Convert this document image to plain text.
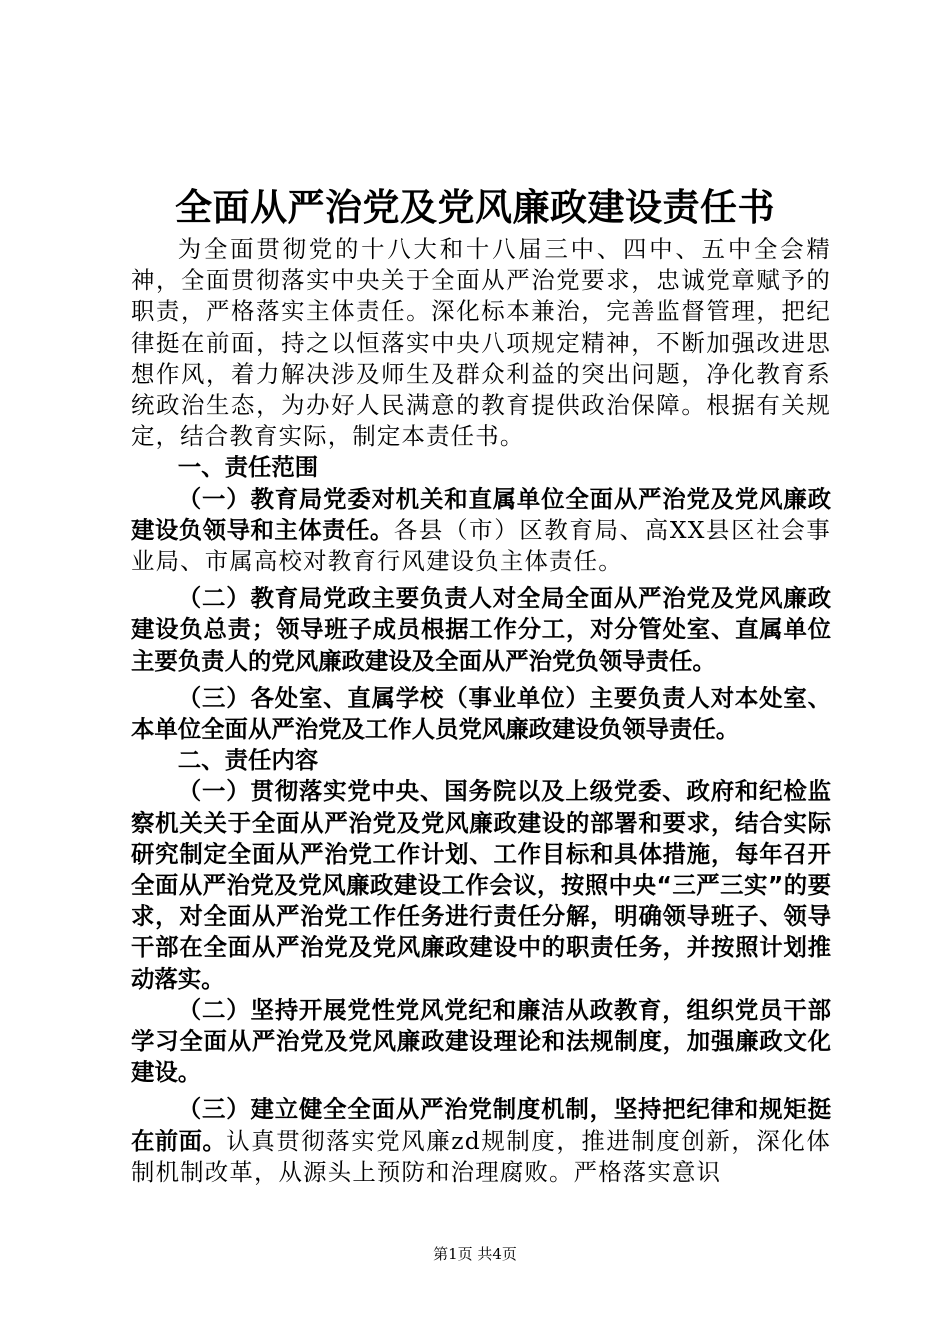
全面从严治党及党风廉政建设责任书

为全面贯彻党的十八大和十八届三中、四中、五中全会精神，全面贯彻落实中央关于全面从严治党要求，忠诚党章赋予的职责，严格落实主体责任。深化标本兼治，完善监督管理，把纪律挺在前面，持之以恒落实中央八项规定精神，不断加强改进思想作风，着力解决涉及师生及群众利益的突出问题，净化教育系统政治生态，为办好人民满意的教育提供政治保障。根据有关规定，结合教育实际，制定本责任书。

一、责任范围

（一）教育局党委对机关和直属单位全面从严治党及党风廉政建设负领导和主体责任。各县（市）区教育局、高XX县区社会事业局、市属高校对教育行风建设负主体责任。

（二）教育局党政主要负责人对全局全面从严治党及党风廉政建设负总责；领导班子成员根据工作分工，对分管处室、直属单位主要负责人的党风廉政建设及全面从严治党负领导责任。

（三）各处室、直属学校（事业单位）主要负责人对本处室、本单位全面从严治党及工作人员党风廉政建设负领导责任。

二、责任内容

（一）贯彻落实党中央、国务院以及上级党委、政府和纪检监察机关关于全面从严治党及党风廉政建设的部署和要求，结合实际研究制定全面从严治党工作计划、工作目标和具体措施，每年召开全面从严治党及党风廉政建设工作会议，按照中央“三严三实”的要求，对全面从严治党工作任务进行责任分解，明确领导班子、领导干部在全面从严治党及党风廉政建设中的职责任务，并按照计划推动落实。

（二）坚持开展党性党风党纪和廉洁从政教育，组织党员干部学习全面从严治党及党风廉政建设理论和法规制度，加强廉政文化建设。

（三）建立健全全面从严治党制度机制，坚持把纪律和规矩挺在前面。认真贯彻落实党风廉zd规制度，推进制度创新，深化体制机制改革，从源头上预防和治理腐败。严格落实意识

第1页 共4页
